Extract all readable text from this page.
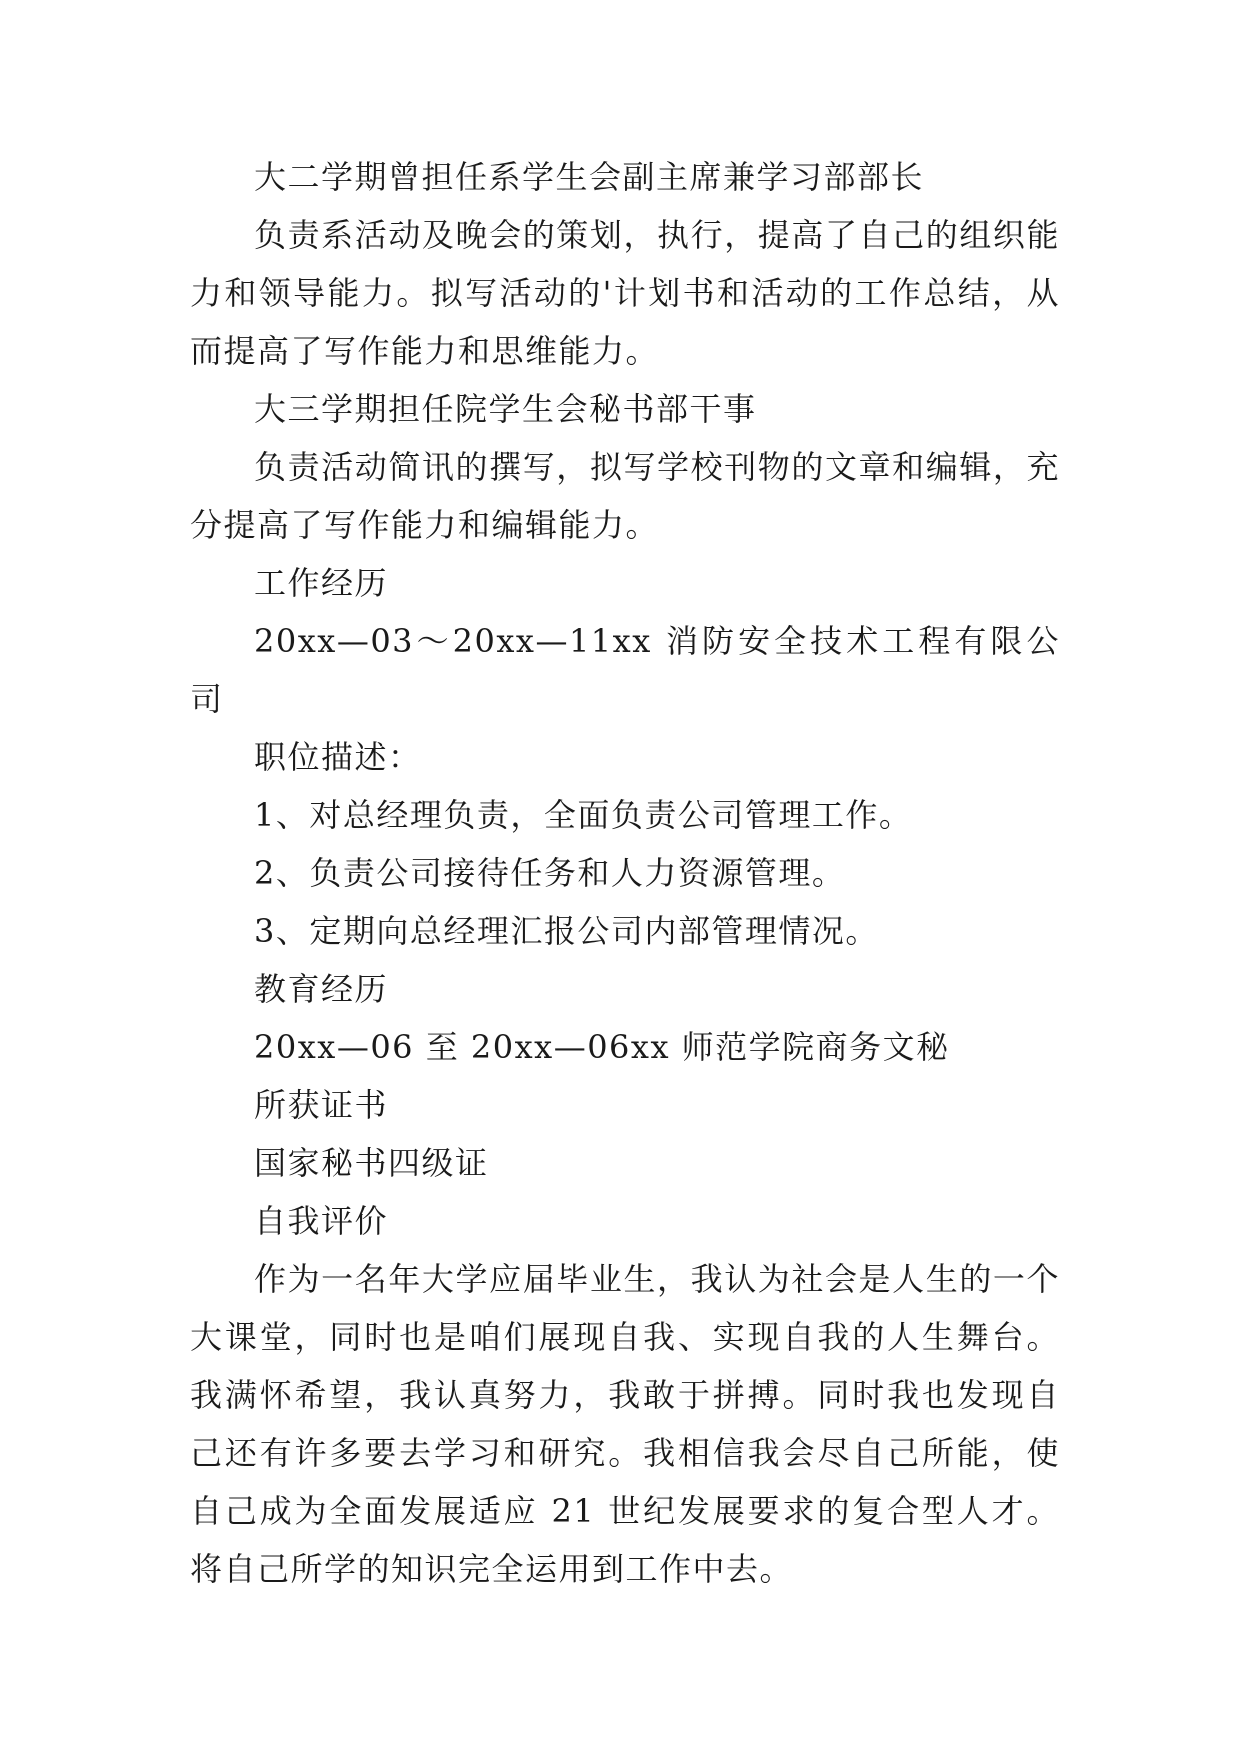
大二学期曾担任系学生会副主席兼学习部部长

负责系活动及晚会的策划，执行，提高了自己的组织能力和领导能力。拟写活动的'计划书和活动的工作总结，从而提高了写作能力和思维能力。

大三学期担任院学生会秘书部干事

负责活动简讯的撰写，拟写学校刊物的文章和编辑，充分提高了写作能力和编辑能力。

工作经历

20xx—03～20xx—11xx 消防安全技术工程有限公司

职位描述：

1、对总经理负责，全面负责公司管理工作。

2、负责公司接待任务和人力资源管理。

3、定期向总经理汇报公司内部管理情况。

教育经历

20xx—06 至 20xx—06xx 师范学院商务文秘

所获证书

国家秘书四级证

自我评价

作为一名年大学应届毕业生，我认为社会是人生的一个大课堂，同时也是咱们展现自我、实现自我的人生舞台。我满怀希望，我认真努力，我敢于拼搏。同时我也发现自己还有许多要去学习和研究。我相信我会尽自己所能，使自己成为全面发展适应 21 世纪发展要求的复合型人才。将自己所学的知识完全运用到工作中去。
